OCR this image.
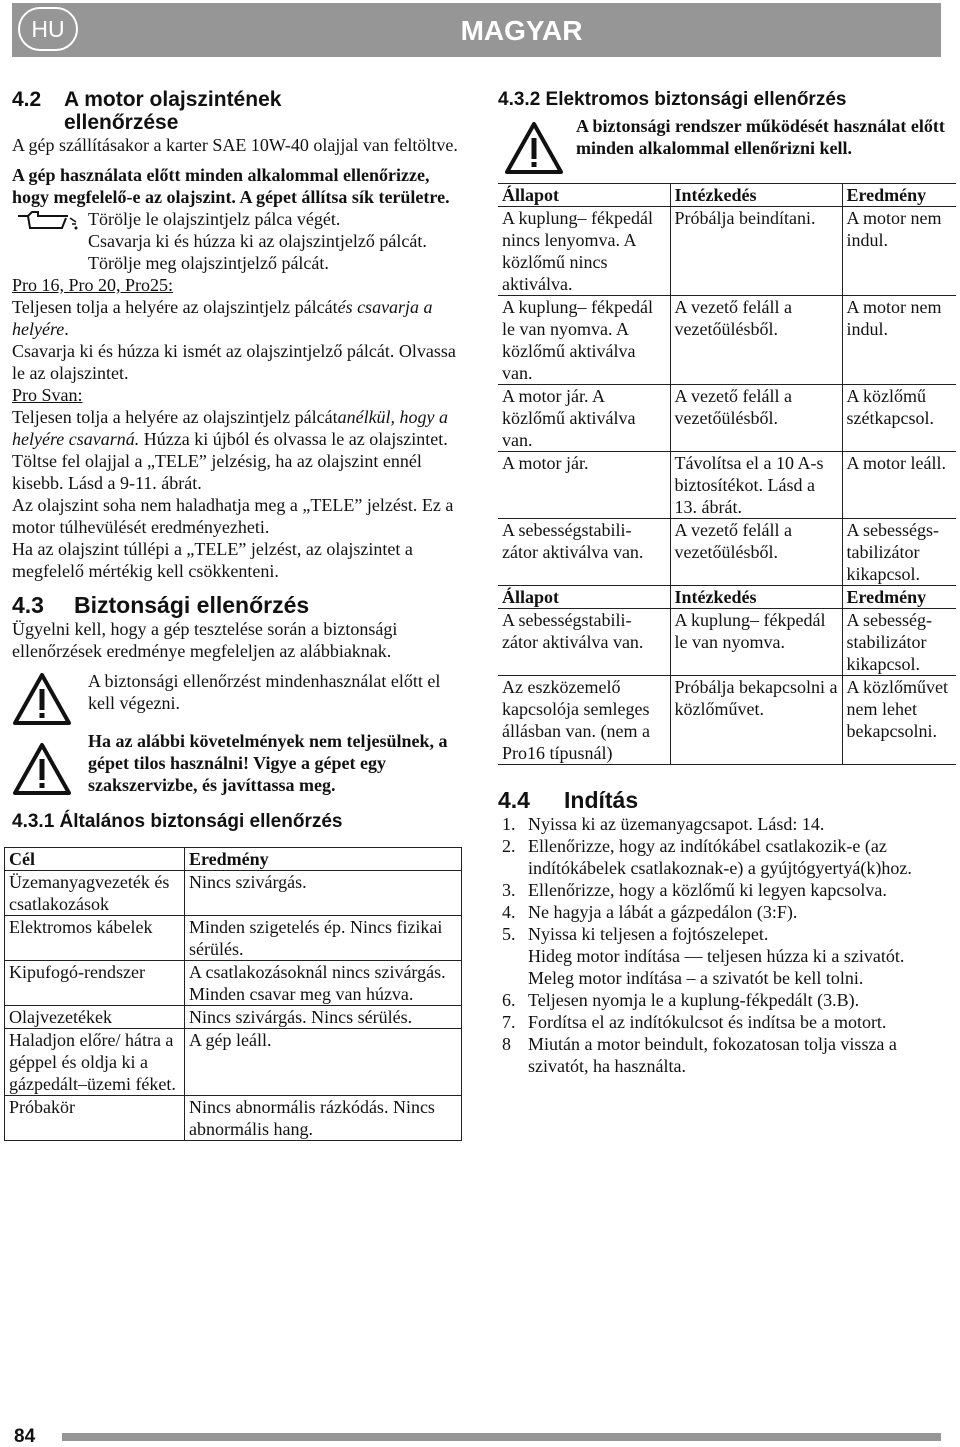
HU	MAGYAR
4.2 A motor olajszintének
ellenőrzése

A gép szállításakor a karter SAE 10W-40 olajjal van feltöltve.

A gép használata előtt minden alkalommal ellenőrizze, hogy megfelelő-e az olajszint. A gépet állítsa sík területre.

Törölje le olajszintjelz pálca végét.

Csavarja ki és húzza ki az olajszintjelző pálcát. Törölje meg olajszintjelző pálcát.

Pro 16, Pro 20, Pro25:

Teljesen tolja a helyére az olajszintjelz pálcátés csavarja a helyére.

Csavarja ki és húzza ki ismét az olajszintjelző pálcát. Olvassa le az olajszintet.

Pro Svan:

Teljesen tolja a helyére az olajszintjelz pálcátanélkül, hogy a helyére csavarná. Húzza ki újból és olvassa le az olajszintet.

Töltse fel olajjal a „TELE” jelzésig, ha az olajszint ennél kisebb. Lásd a 9-11. ábrát.

Az olajszint soha nem haladhatja meg a „TELE” jelzést. Ez a motor túlhevülését eredményezheti.

Ha az olajszint túllépi a „TELE” jelzést, az olajszintet a megfelelő mértékig kell csökkenteni.

4.3 Biztonsági ellenőrzés

Ügyelni kell, hogy a gép tesztelése során a biztonsági ellenőrzések eredménye megfeleljen az alábbiaknak.

A biztonsági ellenőrzést mindenhasználat előtt el kell végezni.

Ha az alábbi követelmények nem teljesülnek, a gépet tilos használni! Vigye a gépet egy szakszervizbe, és javíttassa meg.

4.3.1 Általános biztonsági ellenőrzés
Cél	Eredmény
Üzemanyagvezeték és csatlakozások	Nincs szivárgás.
Elektromos kábelek	Minden szigetelés ép. Nincs fizikai sérülés.
Kipufogó-rendszer	A csatlakozásoknál nincs szivárgás. Minden csavar meg van húzva.
Olajvezetékek	Nincs szivárgás. Nincs sérülés.
Haladjon előre/ hátra a géppel és oldja ki a gázpedált–üzemi féket.	A gép leáll.
Próbakör	Nincs abnormális rázkódás. Nincs abnormális hang.
4.3.2 Elektromos biztonsági ellenőrzés

A biztonsági rendszer működését használat előtt minden alkalommal ellenőrizni kell.

Állapot	Intézkedés	Eredmény
A kuplung– fékpedál nincs lenyomva. A közlőmű nincs aktiválva.	Próbálja beindítani.	A motor nem indul.
A kuplung– fékpedál le van nyomva. A közlőmű aktiválva van.	A vezető feláll a vezetőülésből.	A motor nem indul.
A motor jár. A közlőmű aktiválva van.	A vezető feláll a vezetőülésből.	A közlőmű szétkapcsol.
A motor jár.	Távolítsa el a 10 A-s biztosítékot. Lásd a 13. ábrát.	A motor leáll.
A sebességstabili- zátor aktiválva van.	A vezető feláll a vezetőülésből.	A sebességs- tabilizátor kikapcsol.
Állapot	Intézkedés	Eredmény
A sebességstabili- zátor aktiválva van.	A kuplung– fékpedál le van nyomva.	A sebesség- stabilizátor kikapcsol.
Az eszközemelő kapcsolója semleges állásban van. (nem a Pro16 típusnál)	Próbálja bekapcsolni a közlőművet.	A közlőművet nem lehet bekapcsolni.
4.4 Indítás
1. Nyissa ki az üzemanyagcsapot. Lásd: 14.
2. Ellenőrizze, hogy az indítókábel csatlakozik-e (az indítókábelek csatlakoznak-e) a gyújtógyertyá(k)hoz.
3. Ellenőrizze, hogy a közlőmű ki legyen kapcsolva.
4. Ne hagyja a lábát a gázpedálon (3:F).
5. Nyissa ki teljesen a fojtószelepet.

Hideg motor indítása — teljesen húzza ki a szivatót.

Meleg motor indítása – a szivatót be kell tolni.

6. Teljesen nyomja le a kuplung-fékpedált (3.B).
7. Fordítsa el az indítókulcsot és indítsa be a motort.
8 Miután a motor beindult, fokozatosan tolja vissza a szivatót, ha használta.
84
